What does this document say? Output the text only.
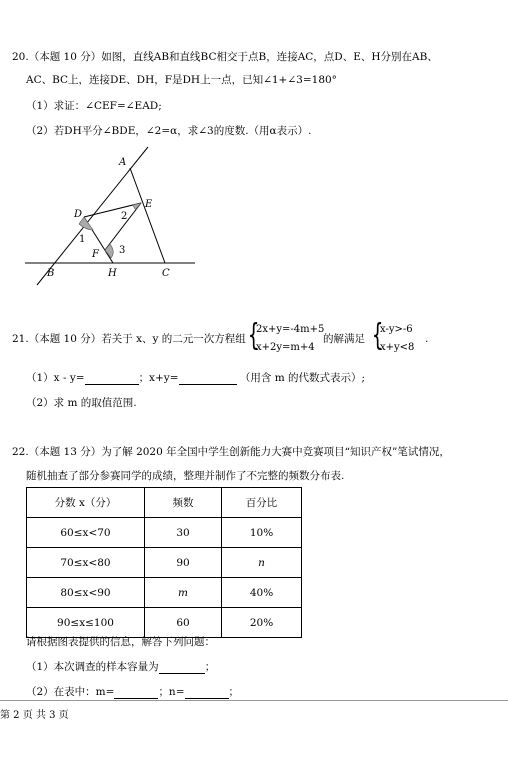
20.（本题 10 分）如图，直线AB和直线BC相交于点B，连接AC，点D、E、H分别在AB、
AC、BC上，连接DE、DH，F是DH上一点，已知∠1+∠3=180°
（1）求证：∠CEF=∠EAD;
（2）若DH平分∠BDE，∠2=α，求∠3的度数.（用α表示）.
A
D
E
F
B	H	C
1
2
3
21.（本题 10 分）若关于 x、y 的二元一次方程组 {
2x+y=-4m+5
x+2y=m+4
的解满足 {
x-y>-6
x+y<8
.
（1）x - y=	；x+y=	（用含 m 的代数式表示）;
（2）求 m 的取值范围.
22.（本题 13 分）为了解 2020 年全国中学生创新能力大赛中竞赛项目“知识产权”笔试情况，
随机抽查了部分参赛同学的成绩，整理并制作了不完整的频数分布表.
分数 x（分）	频数	百分比
60≤x<70	30	10%
70≤x<80	90	n
80≤x<90	m	40%
90≤x≤100	60	20%
请根据图表提供的信息，解答下列问题：
（1）本次调查的样本容量为	；
（2）在表中：m=	；n=	；
第 2 页 共 3 页
